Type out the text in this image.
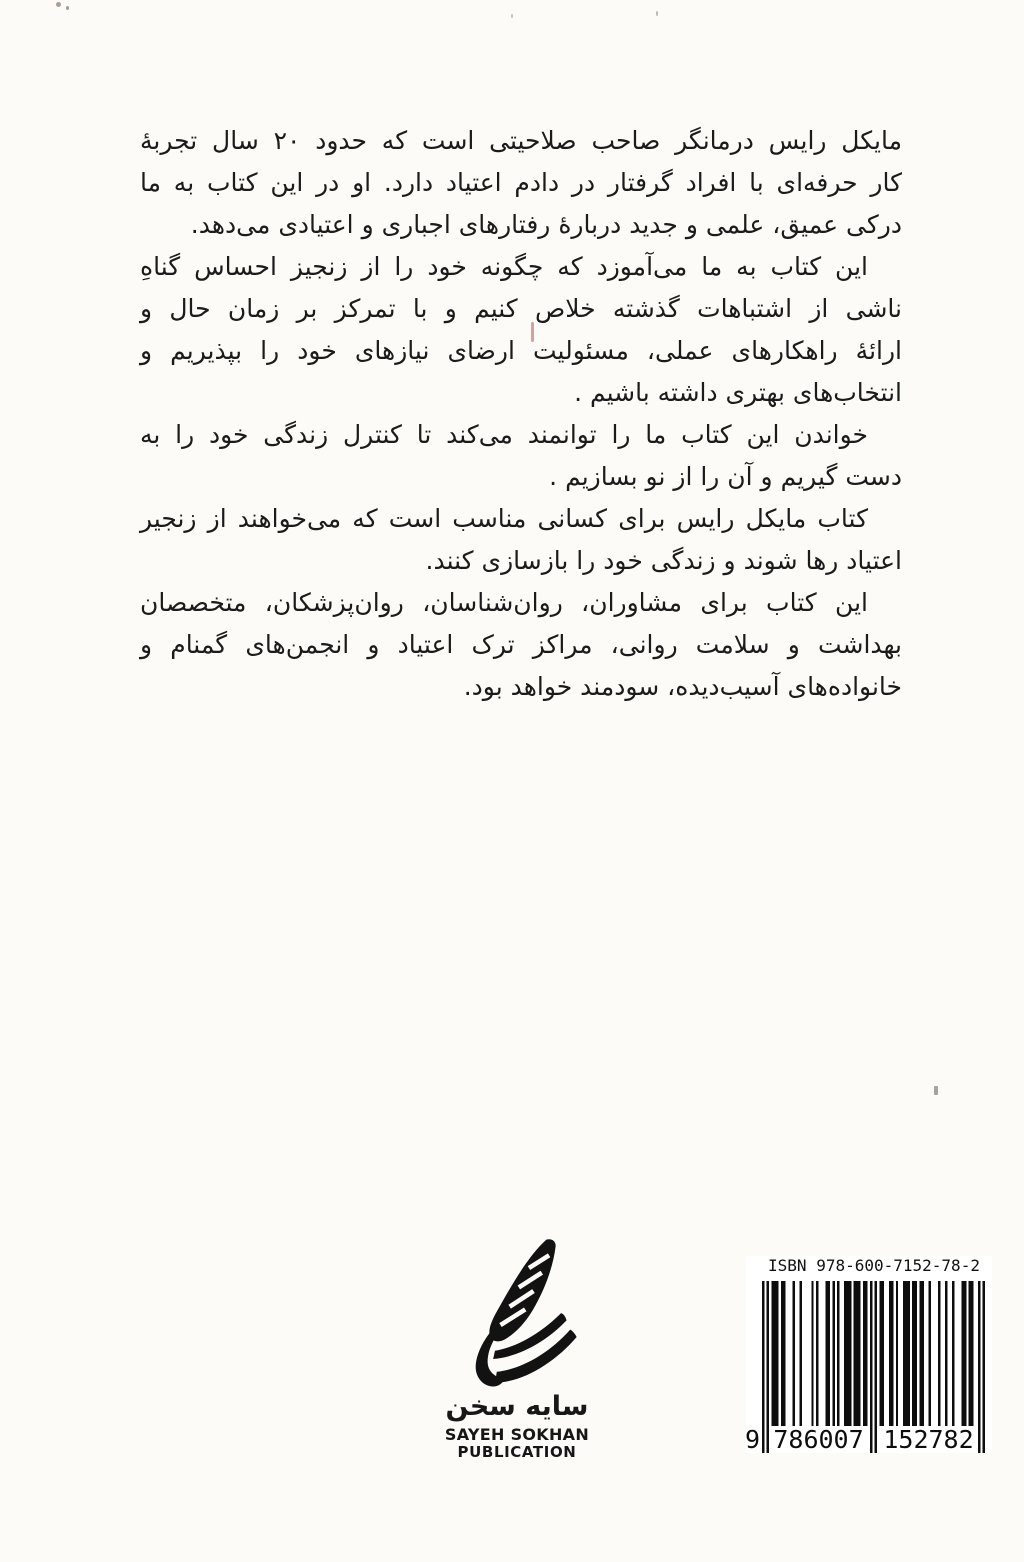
مایکل رایس درمانگر صاحب صلاحیتی است که حدود ۲۰ سال تجربهٔ
کار حرفه‌ای با افراد گرفتار در دادم اعتیاد دارد. او در این کتاب به ما
درکی عمیق، علمی و جدید دربارهٔ رفتارهای اجباری و اعتیادی می‌دهد.
این کتاب به ما می‌آموزد که چگونه خود را از زنجیز احساس گناهِ
ناشی از اشتباهات گذشته خلاص کنیم و با تمرکز بر زمان حال و
ارائهٔ راهکارهای عملی، مسئولیت ارضای نیازهای خود را بپذیریم و
انتخاب‌های بهتری داشته باشیم .
خواندن این کتاب ما را توانمند می‌کند تا کنترل زندگی خود را به
دست گیریم و آن را از نو بسازیم .
کتاب مایکل رایس برای کسانی مناسب است که می‌خواهند از زنجیر
اعتیاد رها شوند و زندگی خود را بازسازی کنند.
این کتاب برای مشاوران، روان‌شناسان، روان‌پزشکان، متخصصان
بهداشت و سلامت روانی، مراکز ترک اعتیاد و انجمن‌های گمنام و
خانواده‌های آسیب‌دیده، سودمند خواهد بود.
سایه سخن
SAYEH SOKHAN
PUBLICATION
ISBN 978-600-7152-78-2
9 786007 152782
